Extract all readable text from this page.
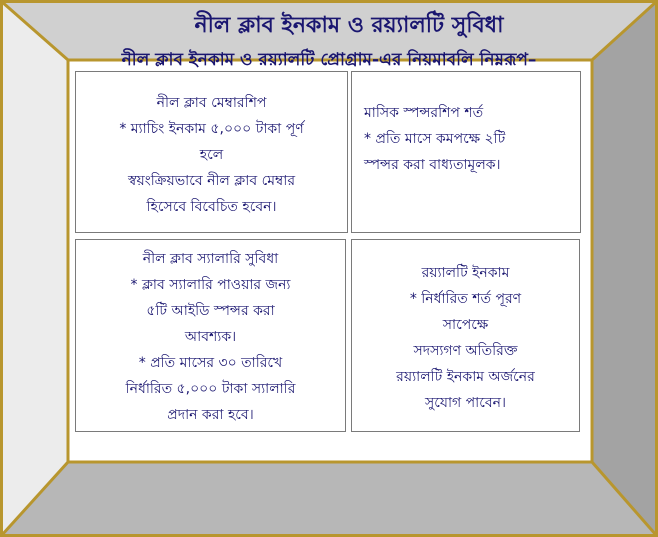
নীল ক্লাব ইনকাম ও রয়্যালটি সুবিধা
নীল ক্লাব ইনকাম ও রয়্যালটি প্রোগ্রাম-এর নিয়মাবলি নিম্নরূপ–

নীল ক্লাব মেম্বারশিপ

* ম্যাচিং ইনকাম ৫,০০০ টাকা পূর্ণ

হলে

স্বয়ংক্রিয়ভাবে নীল ক্লাব মেম্বার

হিসেবে বিবেচিত হবেন।

মাসিক স্পন্সরশিপ শর্ত

* প্রতি মাসে কমপক্ষে ২টি

স্পন্সর করা বাধ্যতামূলক।

নীল ক্লাব স্যালারি সুবিধা

* ক্লাব স্যালারি পাওয়ার জন্য

৫টি আইডি স্পন্সর করা

আবশ্যক।

* প্রতি মাসের ৩০ তারিখে

নির্ধারিত ৫,০০০ টাকা স্যালারি

প্রদান করা হবে।

রয়্যালটি ইনকাম

* নির্ধারিত শর্ত পূরণ

সাপেক্ষে

সদস্যগণ অতিরিক্ত

রয়্যালটি ইনকাম অর্জনের

সুযোগ পাবেন।
